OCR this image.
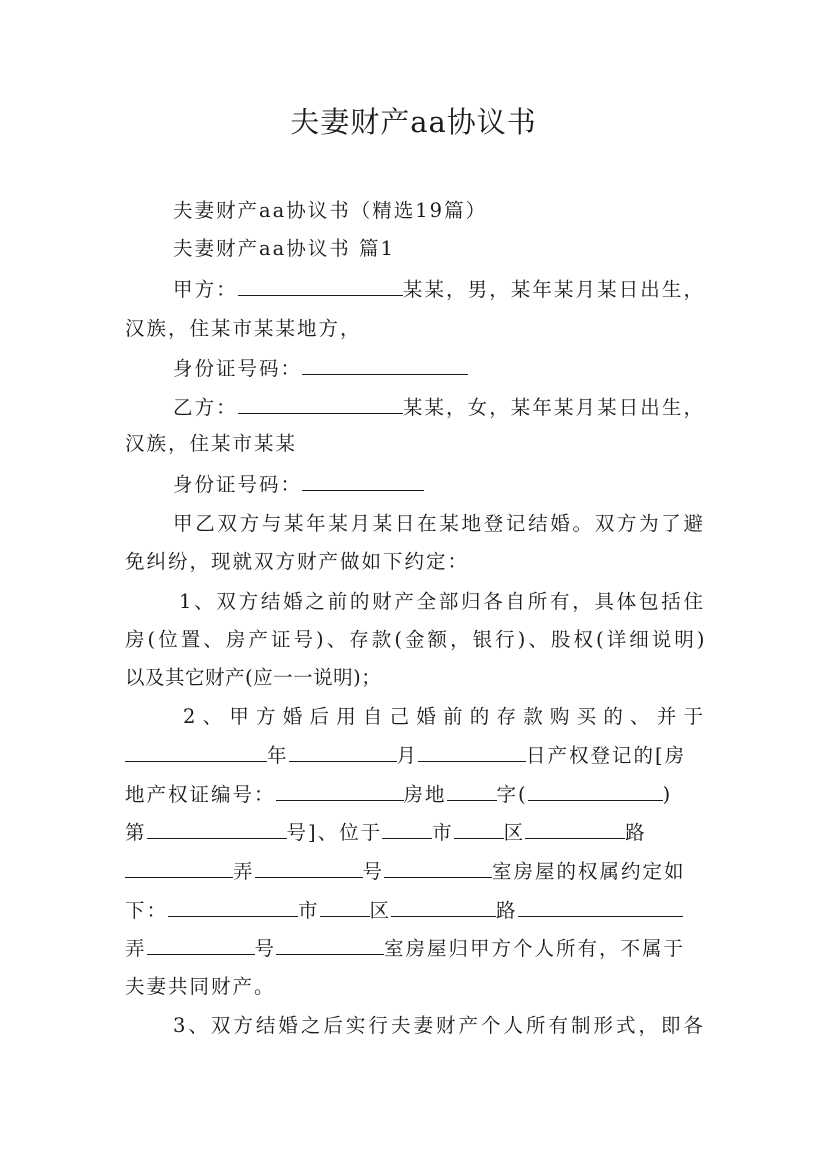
夫妻财产aa协议书
夫妻财产aa协议书（精选19篇）
夫妻财产aa协议书 篇1
甲方：	某某，男，某年某月某日出生，
汉族，住某市某某地方，
身份证号码：
乙方：	某某，女，某年某月某日出生，
汉族，住某市某某
身份证号码：
甲乙双方与某年某月某日在某地登记结婚。双方为了避
免纠纷，现就双方财产做如下约定：
1、双方结婚之前的财产全部归各自所有，具体包括住
房(位置、房产证号)、存款(金额，银行)、股权(详细说明)
以及其它财产(应一一说明)；
2、甲方婚后用自己婚前的存款购买的、并于
年	月	日产权登记的[房
地产权证编号：	房地	字(	)
第	号]、位于	市	区	路
弄	号	室房屋的权属约定如
下：	市	区	路
弄	号	室房屋归甲方个人所有，不属于
夫妻共同财产。
3、双方结婚之后实行夫妻财产个人所有制形式，即各
